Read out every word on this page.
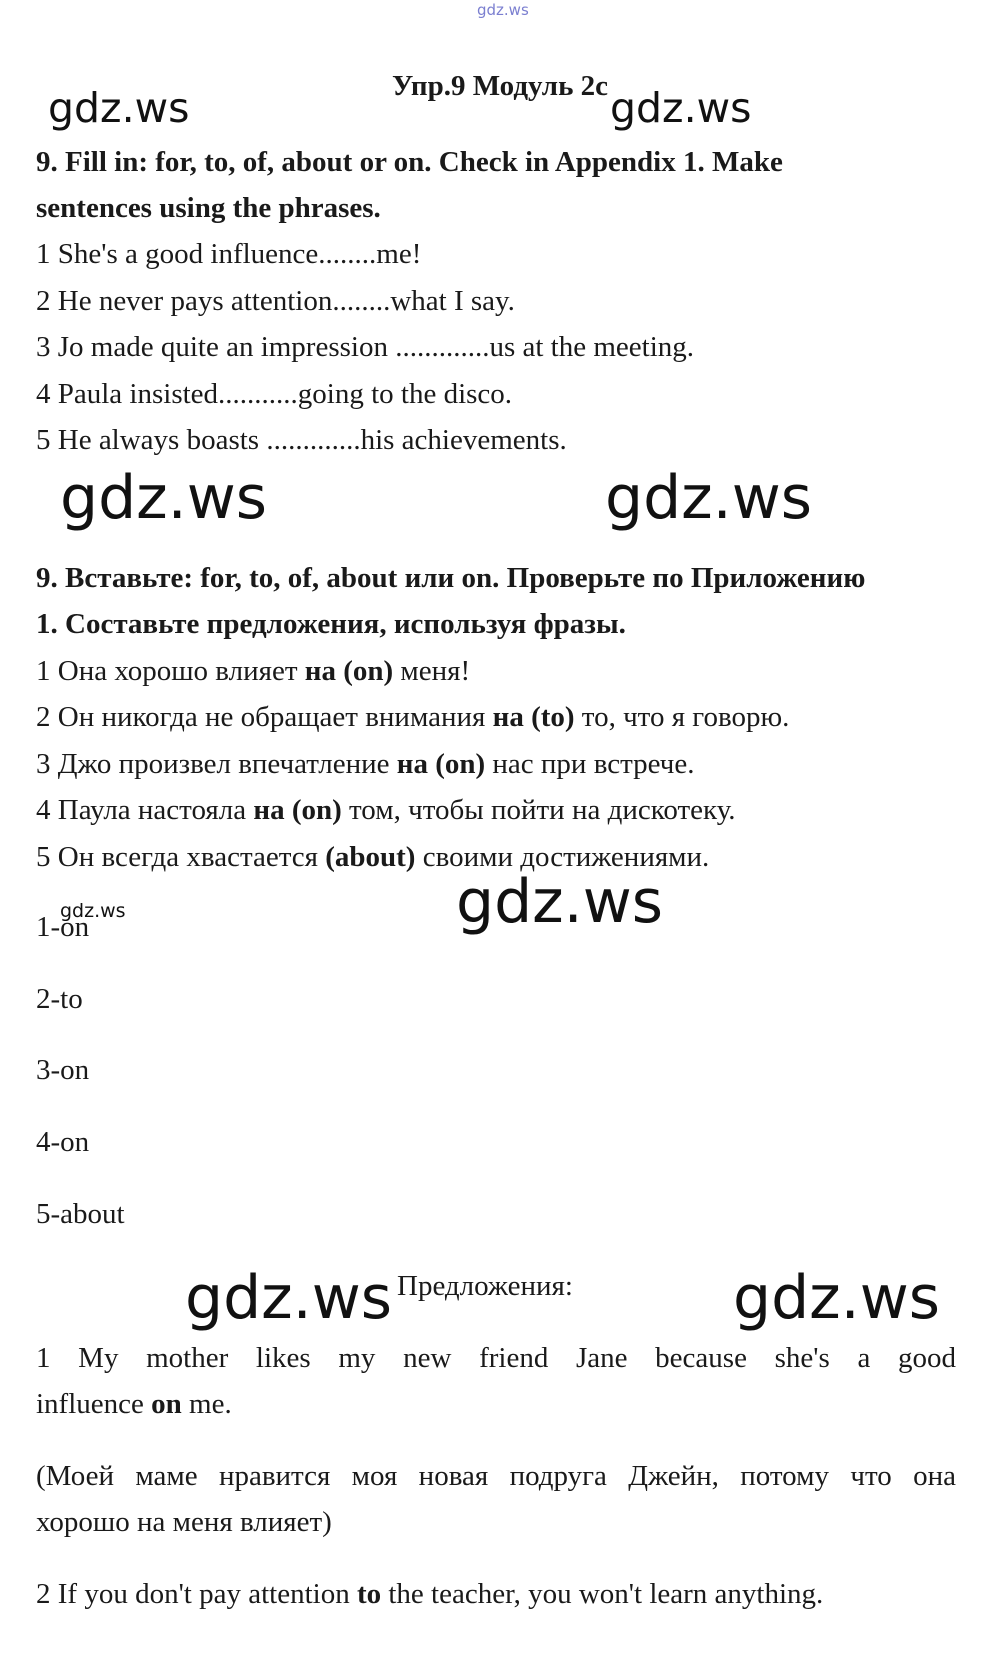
gdz.ws
gdz.ws	gdz.ws
gdz.ws	gdz.ws
gdz.ws
gdz.ws
gdz.ws	gdz.ws
Упр.9 Модуль 2с
9. Fill in: for, to, of, about or on. Check in Appendix 1. Make
sentences using the phrases.
1 She's a good influence........me!
2 He never pays attention........what I say.
3 Jo made quite an impression .............us at the meeting.
4 Paula insisted...........going to the disco.
5 He always boasts .............his achievements.
9. Вставьте: for, to, of, about или on. Проверьте по Приложению
1. Составьте предложения, используя фразы.
1 Она хорошо влияет на (on) меня!
2 Он никогда не обращает внимания на (to) то, что я говорю.
3 Джо произвел впечатление на (on) нас при встрече.
4 Паула настояла на (on) том, чтобы пойти на дискотеку.
5 Он всегда хвастается (about) своими достижениями.
1-on
2-to
3-on
4-on
5-about
Предложения:
1 My mother likes my new friend Jane because she's a good
influence on me.
(Моей маме нравится моя новая подруга Джейн, потому что она
хорошо на меня влияет)
2 If you don't pay attention to the teacher, you won't learn anything.
